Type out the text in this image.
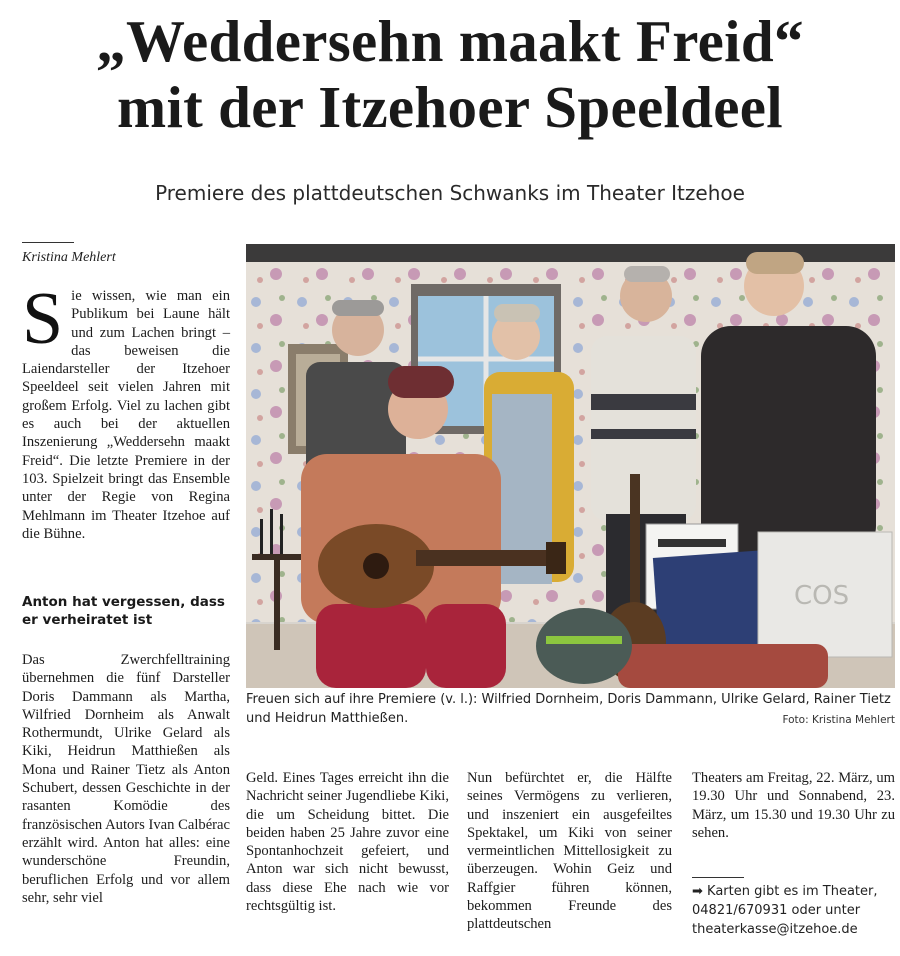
„Weddersehn maakt Freid“
mit der Itzehoer Speeldeel
Premiere des plattdeutschen Schwanks im Theater Itzehoe
Kristina Mehlert
S ie wissen, wie man ein Publikum bei Laune hält und zum Lachen bringt – das beweisen die Laiendarsteller der Itzehoer Speeldeel seit vielen Jahren mit großem Erfolg. Viel zu lachen gibt es auch bei der aktuellen Inszenierung „Weddersehn maakt Freid“. Die letzte Premiere in der 103. Spielzeit bringt das Ensemble unter der Regie von Regina Mehlmann im Theater Itzehoe auf die Bühne.
Anton hat vergessen, dass er verheiratet ist
Das Zwerchfelltraining übernehmen die fünf Darsteller Doris Dammann als Martha, Wilfried Dornheim als Anwalt Rothermundt, Ulrike Gelard als Kiki, Heidrun Matthießen als Mona und Rainer Tietz als Anton Schubert, dessen Geschichte in der rasanten Komödie des französischen Autors Ivan Calbérac erzählt wird. Anton hat alles: eine wunderschöne Freundin, beruflichen Erfolg und vor allem sehr, sehr viel
COS
Freuen sich auf ihre Premiere (v. l.): Wilfried Dornheim, Doris Dammann, Ulrike Gelard, Rainer Tietz und Heidrun Matthießen.	Foto: Kristina Mehlert
Geld. Eines Tages erreicht ihn die Nachricht seiner Jugendliebe Kiki, die um Scheidung bittet. Die beiden haben 25 Jahre zuvor eine Spontanhochzeit gefeiert, und Anton war sich nicht bewusst, dass diese Ehe nach wie vor rechtsgültig ist.
Nun befürchtet er, die Hälfte seines Vermögens zu verlieren, und inszeniert ein ausgefeiltes Spektakel, um Kiki von seiner vermeintlichen Mittellosigkeit zu überzeugen. Wohin Geiz und Raffgier führen können, bekommen Freunde des plattdeutschen
Theaters am Freitag, 22. März, um 19.30 Uhr und Sonnabend, 23. März, um 15.30 und 19.30 Uhr zu sehen.
➡ Karten gibt es im Theater,
04821/670931 oder unter
theaterkasse@itzehoe.de
